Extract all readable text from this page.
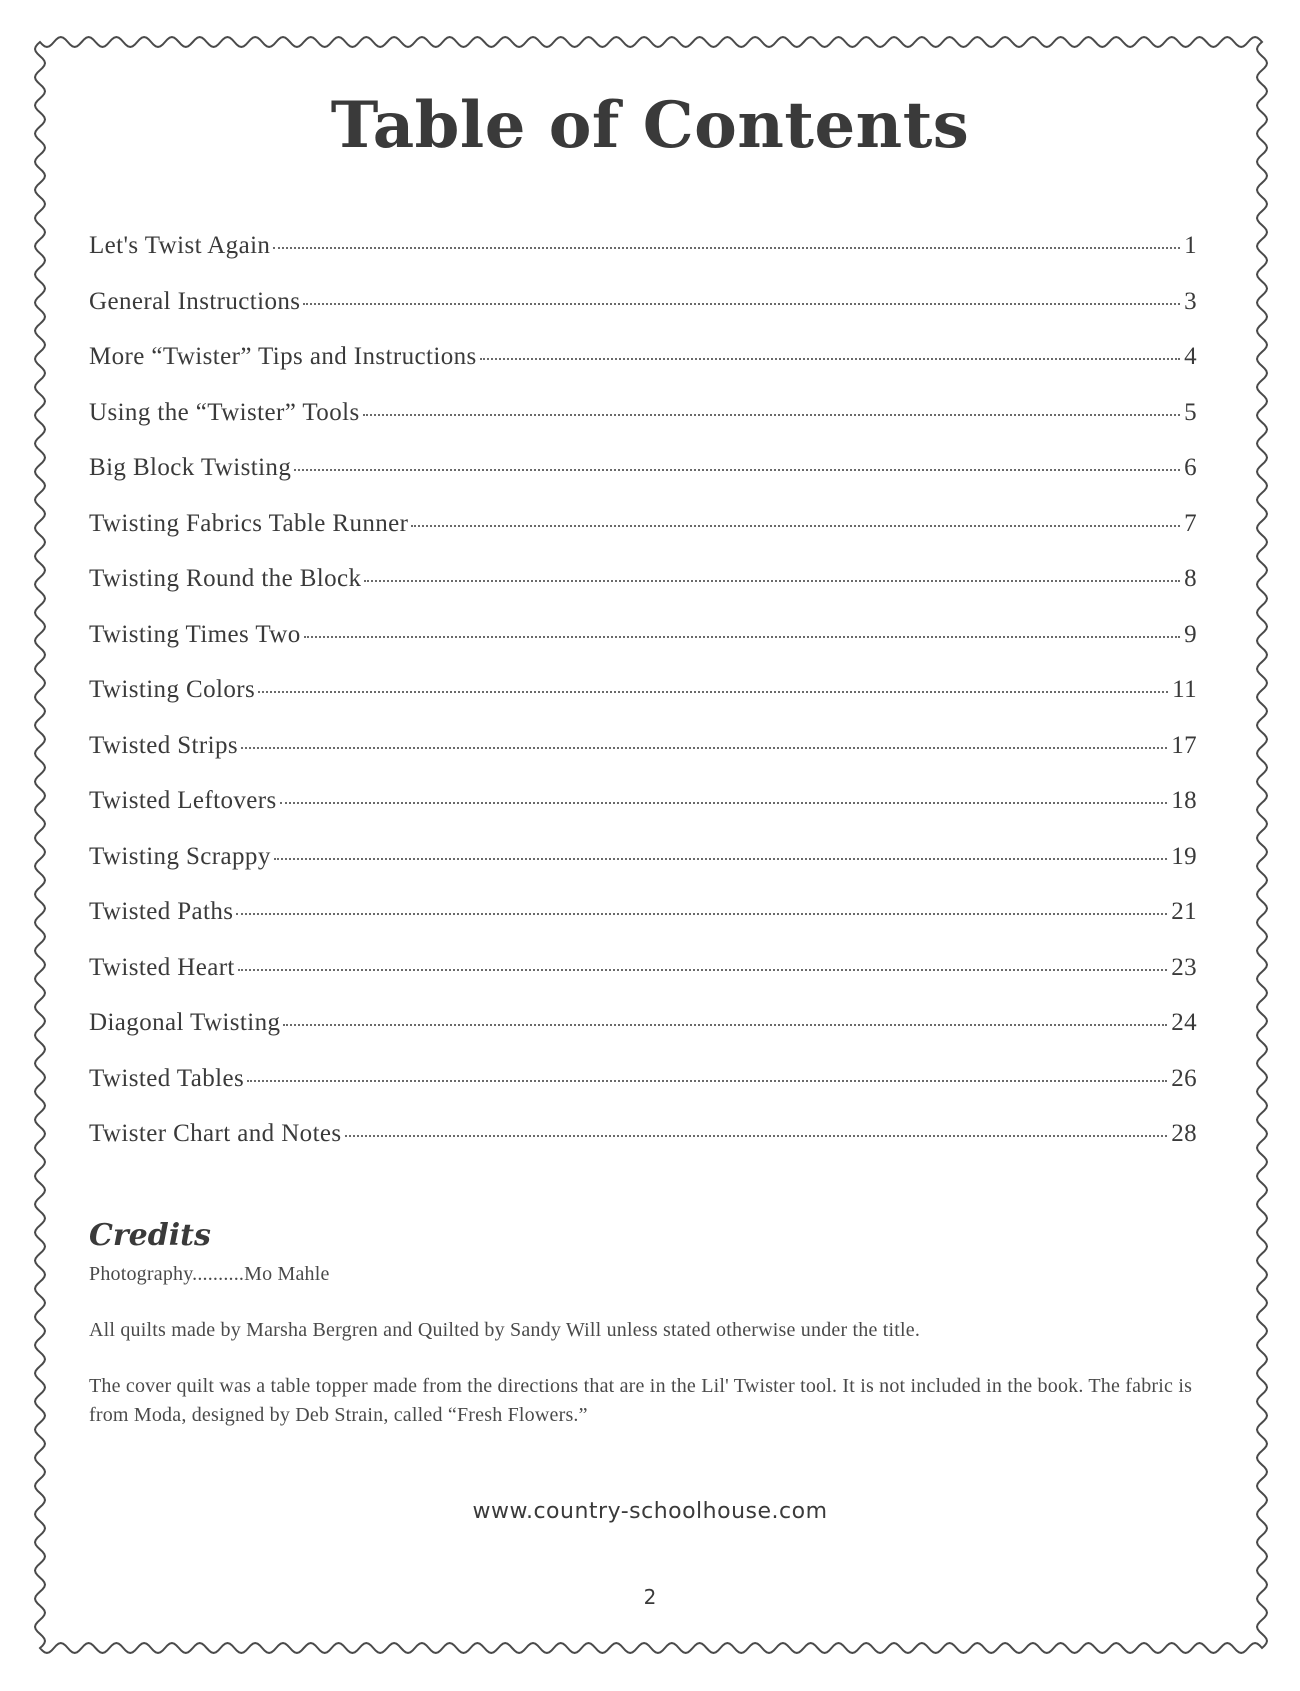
Table of Contents
Let's Twist Again	1
General Instructions	3
More “Twister” Tips and Instructions	4
Using the “Twister” Tools	5
Big Block Twisting	6
Twisting Fabrics Table Runner	7
Twisting Round the Block	8
Twisting Times Two	9
Twisting Colors	11
Twisted Strips	17
Twisted Leftovers	18
Twisting Scrappy	19
Twisted Paths	21
Twisted Heart	23
Diagonal Twisting	24
Twisted Tables	26
Twister Chart and Notes	28
Credits

Photography..........Mo Mahle

All quilts made by Marsha Bergren and Quilted by Sandy Will unless stated otherwise under the title.

The cover quilt was a table topper made from the directions that are in the Lil' Twister tool. It is not included in the book. The fabric is from Moda, designed by Deb Strain, called “Fresh Flowers.”

www.country-schoolhouse.com

2
